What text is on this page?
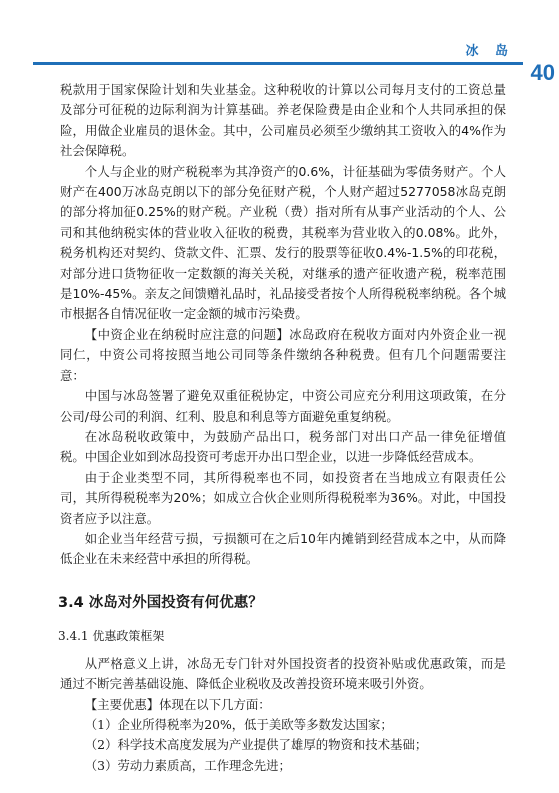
冰 岛
40

税款用于国家保险计划和失业基金。这种税收的计算以公司每月支付的工资总量及部分可征税的边际利润为计算基础。养老保险费是由企业和个人共同承担的保险，用做企业雇员的退休金。其中，公司雇员必须至少缴纳其工资收入的4%作为社会保障税。

个人与企业的财产税税率为其净资产的0.6%，计征基础为零债务财产。个人财产在400万冰岛克朗以下的部分免征财产税，个人财产超过5277058冰岛克朗的部分将加征0.25%的财产税。产业税（费）指对所有从事产业活动的个人、公司和其他纳税实体的营业收入征收的税费，其税率为营业收入的0.08%。此外，税务机构还对契约、贷款文件、汇票、发行的股票等征收0.4%-1.5%的印花税，对部分进口货物征收一定数额的海关关税，对继承的遗产征收遗产税，税率范围是10%-45%。亲友之间馈赠礼品时，礼品接受者按个人所得税税率纳税。各个城市根据各自情况征收一定金额的城市污染费。

【中资企业在纳税时应注意的问题】冰岛政府在税收方面对内外资企业一视同仁，中资公司将按照当地公司同等条件缴纳各种税费。但有几个问题需要注意：

中国与冰岛签署了避免双重征税协定，中资公司应充分利用这项政策，在分公司/母公司的利润、红利、股息和利息等方面避免重复纳税。

在冰岛税收政策中，为鼓励产品出口，税务部门对出口产品一律免征增值税。中国企业如到冰岛投资可考虑开办出口型企业，以进一步降低经营成本。

由于企业类型不同，其所得税率也不同，如投资者在当地成立有限责任公司，其所得税税率为20%；如成立合伙企业则所得税税率为36%。对此，中国投资者应予以注意。

如企业当年经营亏损，亏损额可在之后10年内摊销到经营成本之中，从而降低企业在未来经营中承担的所得税。

3.4 冰岛对外国投资有何优惠？
3.4.1 优惠政策框架

从严格意义上讲，冰岛无专门针对外国投资者的投资补贴或优惠政策，而是通过不断完善基础设施、降低企业税收及改善投资环境来吸引外资。

【主要优惠】体现在以下几方面：

（1）企业所得税率为20%，低于美欧等多数发达国家；

（2）科学技术高度发展为产业提供了雄厚的物资和技术基础；

（3）劳动力素质高，工作理念先进；
